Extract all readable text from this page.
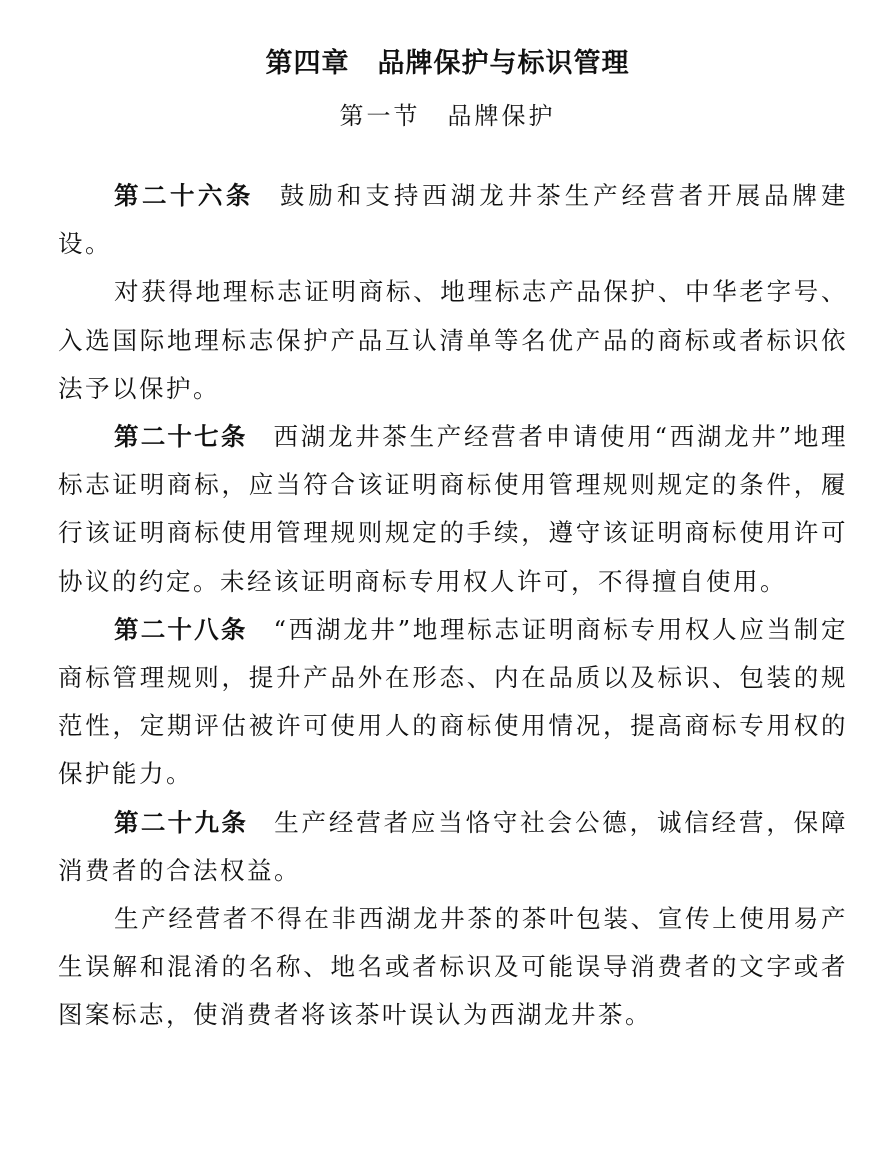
第四章　品牌保护与标识管理
第一节　品牌保护

第二十六条 鼓励和支持西湖龙井茶生产经营者开展品牌建设。

对获得地理标志证明商标、地理标志产品保护、中华老字号、入选国际地理标志保护产品互认清单等名优产品的商标或者标识依法予以保护。

第二十七条 西湖龙井茶生产经营者申请使用“西湖龙井”地理标志证明商标，应当符合该证明商标使用管理规则规定的条件，履行该证明商标使用管理规则规定的手续，遵守该证明商标使用许可协议的约定。未经该证明商标专用权人许可，不得擅自使用。

第二十八条 “西湖龙井”地理标志证明商标专用权人应当制定商标管理规则，提升产品外在形态、内在品质以及标识、包装的规范性，定期评估被许可使用人的商标使用情况，提高商标专用权的保护能力。

第二十九条 生产经营者应当恪守社会公德，诚信经营，保障消费者的合法权益。

生产经营者不得在非西湖龙井茶的茶叶包装、宣传上使用易产生误解和混淆的名称、地名或者标识及可能误导消费者的文字或者图案标志，使消费者将该茶叶误认为西湖龙井茶。
